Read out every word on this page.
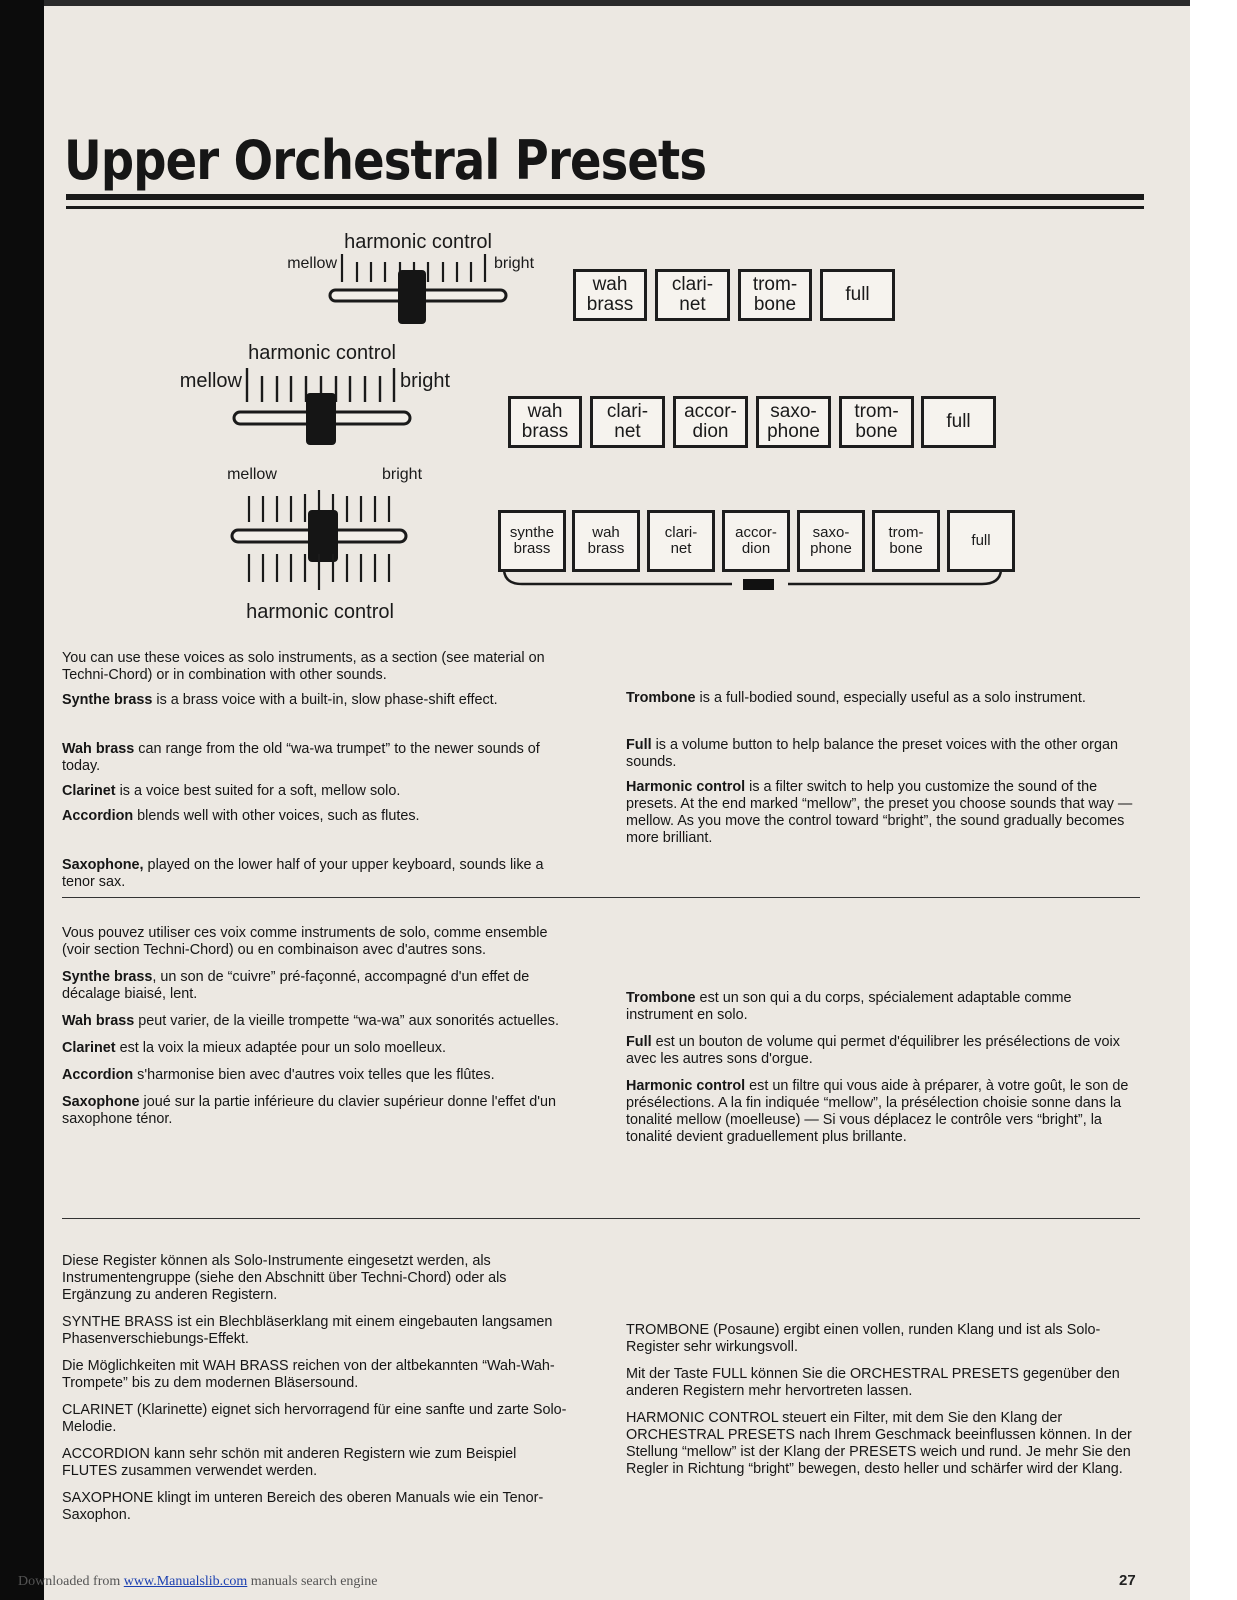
Upper Orchestral Presets
harmonic control
mellow	bright
harmonic control
mellow	bright
mellow	bright
harmonic control
wah
brass
clari-
net
trom-
bone	full
wah
brass
clari-
net
accor-
dion
saxo-
phone
trom-
bone	full
synthe
brass
wah
brass
clari-
net
accor-
dion
saxo-
phone
trom-
bone	full

You can use these voices as solo instruments, as a section (see material on Techni-Chord) or in combination with other sounds.

Synthe brass is a brass voice with a built-in, slow phase-shift effect.

Wah brass can range from the old “wa-wa trumpet” to the newer sounds of today.

Clarinet is a voice best suited for a soft, mellow solo.

Accordion blends well with other voices, such as flutes.

Saxophone, played on the lower half of your upper keyboard, sounds like a tenor sax.

Trombone is a full-bodied sound, especially useful as a solo instrument.

Full is a volume button to help balance the preset voices with the other organ sounds.

Harmonic control is a filter switch to help you customize the sound of the presets. At the end marked “mellow”, the preset you choose sounds that way —mellow. As you move the control toward “bright”, the sound gradually becomes more brilliant.

Vous pouvez utiliser ces voix comme instruments de solo, comme ensemble (voir section Techni-Chord) ou en combinaison avec d'autres sons.

Synthe brass, un son de “cuivre” pré-façonné, accompagné d'un effet de décalage biaisé, lent.

Wah brass peut varier, de la vieille trompette “wa-wa” aux sonorités actuelles.

Clarinet est la voix la mieux adaptée pour un solo moelleux.

Accordion s'harmonise bien avec d'autres voix telles que les flûtes.

Saxophone joué sur la partie inférieure du clavier supérieur donne l'effet d'un saxophone ténor.

Trombone est un son qui a du corps, spécialement adaptable comme instrument en solo.

Full est un bouton de volume qui permet d'équilibrer les présélections de voix avec les autres sons d'orgue.

Harmonic control est un filtre qui vous aide à préparer, à votre goût, le son de présélections. A la fin indiquée “mellow”, la présélection choisie sonne dans la tonalité mellow (moelleuse) — Si vous déplacez le contrôle vers “bright”, la tonalité devient graduellement plus brillante.

Diese Register können als Solo-Instrumente eingesetzt werden, als Instrumentengruppe (siehe den Abschnitt über Techni-Chord) oder als Ergänzung zu anderen Registern.

SYNTHE BRASS ist ein Blechbläserklang mit einem eingebauten langsamen Phasenverschiebungs-Effekt.

Die Möglichkeiten mit WAH BRASS reichen von der altbekannten “Wah-Wah-Trompete” bis zu dem modernen Bläsersound.

CLARINET (Klarinette) eignet sich hervorragend für eine sanfte und zarte Solo-Melodie.

ACCORDION kann sehr schön mit anderen Registern wie zum Beispiel FLUTES zusammen verwendet werden.

SAXOPHONE klingt im unteren Bereich des oberen Manuals wie ein Tenor-Saxophon.

TROMBONE (Posaune) ergibt einen vollen, runden Klang und ist als Solo-Register sehr wirkungsvoll.

Mit der Taste FULL können Sie die ORCHESTRAL PRESETS gegenüber den anderen Registern mehr hervortreten lassen.

HARMONIC CONTROL steuert ein Filter, mit dem Sie den Klang der ORCHESTRAL PRESETS nach Ihrem Geschmack beeinflussen können. In der Stellung “mellow” ist der Klang der PRESETS weich und rund. Je mehr Sie den Regler in Richtung “bright” bewegen, desto heller und schärfer wird der Klang.

27
Downloaded from www.Manualslib.com manuals search engine
